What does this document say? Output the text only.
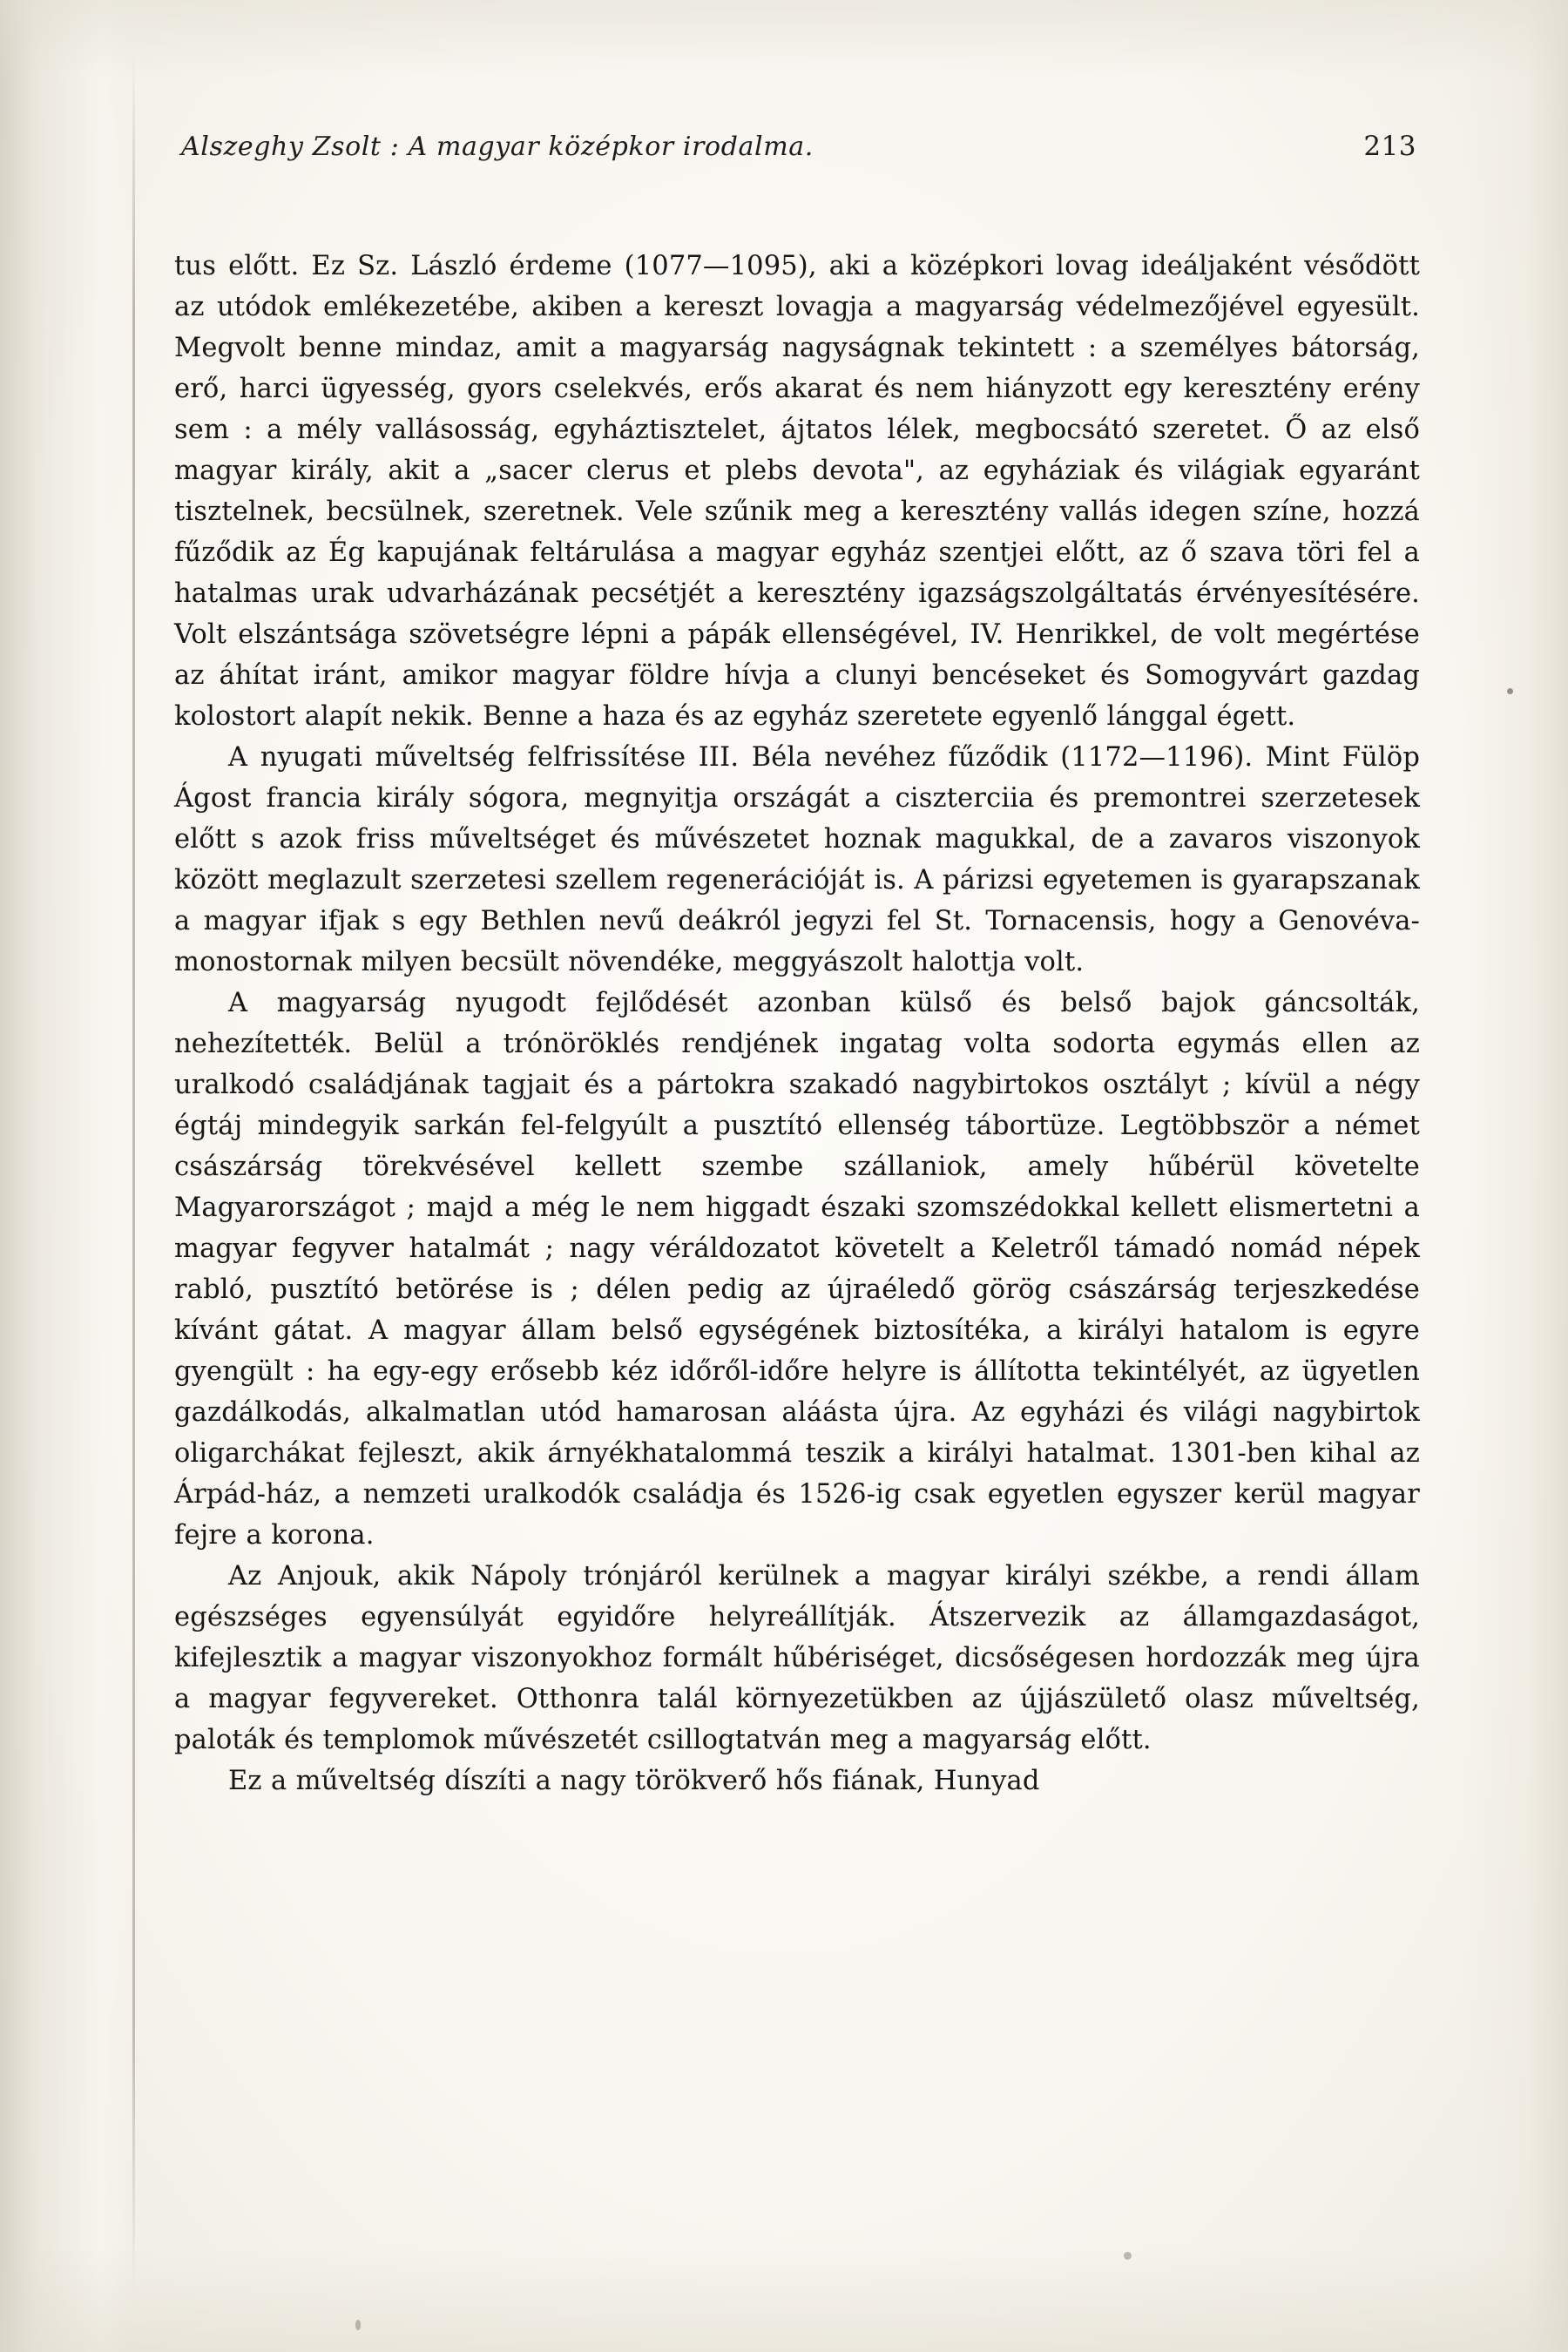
Alszeghy Zsolt : A magyar középkor irodalma.	213

tus előtt. Ez Sz. László érdeme (1077—1095), aki a középkori lovag ideáljaként vésődött az utódok emlékezetébe, akiben a kereszt lovagja a magyarság védelmezőjével egyesült. Megvolt benne mindaz, amit a magyarság nagyságnak tekintett : a személyes bátorság, erő, harci ügyesség, gyors cselekvés, erős akarat és nem hiányzott egy keresztény erény sem : a mély vallásosság, egyháztisztelet, ájtatos lélek, megbocsátó szeretet. Ő az első magyar király, akit a „sacer clerus et plebs devota", az egyháziak és világiak egyaránt tisztelnek, becsülnek, szeretnek. Vele szűnik meg a keresztény vallás idegen színe, hozzá fűződik az Ég kapujának feltárulása a magyar egyház szentjei előtt, az ő szava töri fel a hatalmas urak udvarházának pecsétjét a keresztény igazságszolgáltatás érvényesítésére. Volt elszántsága szövetségre lépni a pápák ellenségével, IV. Henrikkel, de volt megértése az áhítat iránt, amikor magyar földre hívja a clunyi bencéseket és Somogyvárt gazdag kolostort alapít nekik. Benne a haza és az egyház szeretete egyenlő lánggal égett.

A nyugati műveltség felfrissítése III. Béla nevéhez fűződik (1172—1196). Mint Fülöp Ágost francia király sógora, megnyitja országát a ciszterciia és premontrei szerzetesek előtt s azok friss műveltséget és művészetet hoznak magukkal, de a zavaros viszonyok között meglazult szerzetesi szellem regenerációját is. A párizsi egyetemen is gyarapszanak a magyar ifjak s egy Bethlen nevű deákról jegyzi fel St. Tornacensis, hogy a Genovéva-monostornak milyen becsült növendéke, meggyászolt halottja volt.

A magyarság nyugodt fejlődését azonban külső és belső bajok gáncsolták, nehezítették. Belül a trónöröklés rendjének ingatag volta sodorta egymás ellen az uralkodó családjának tagjait és a pártokra szakadó nagybirtokos osztályt ; kívül a négy égtáj mindegyik sarkán fel-felgyúlt a pusztító ellenség tábortüze. Legtöbbször a német császárság törekvésével kellett szembe szállaniok, amely hűbérül követelte Magyarországot ; majd a még le nem higgadt északi szomszédokkal kellett elismertetni a magyar fegyver hatalmát ; nagy véráldozatot követelt a Keletről támadó nomád népek rabló, pusztító betörése is ; délen pedig az újraéledő görög császárság terjeszkedése kívánt gátat. A magyar állam belső egységének biztosítéka, a királyi hatalom is egyre gyengült : ha egy-egy erősebb kéz időről-időre helyre is állította tekintélyét, az ügyetlen gazdálkodás, alkalmatlan utód hamarosan aláásta újra. Az egyházi és világi nagybirtok oligarchákat fejleszt, akik árnyékhatalommá teszik a királyi hatalmat. 1301-ben kihal az Árpád-ház, a nemzeti uralkodók családja és 1526-ig csak egyetlen egyszer kerül magyar fejre a korona.

Az Anjouk, akik Nápoly trónjáról kerülnek a magyar királyi székbe, a rendi állam egészséges egyensúlyát egyidőre helyreállítják. Átszervezik az államgazdaságot, kifejlesztik a magyar viszonyokhoz formált hűbériséget, dicsőségesen hordozzák meg újra a magyar fegyvereket. Otthonra talál környezetükben az újjászülető olasz műveltség, paloták és templomok művészetét csillogtatván meg a magyarság előtt.

Ez a műveltség díszíti a nagy törökverő hős fiának, Hunyad
